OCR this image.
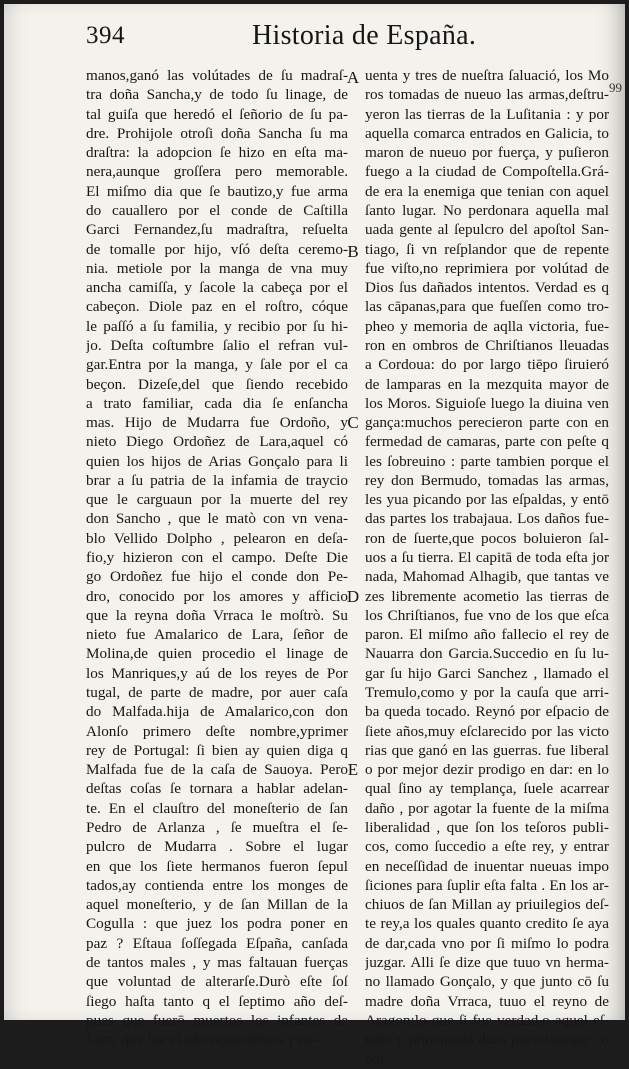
394	Historia de España.
manos,ganó las volútades de ſu madraſ-
tra doña Sancha,y de todo ſu linage, de
tal guiſa que heredó el ſeñorio de ſu pa-
dre. Prohijole otroſi doña Sancha ſu ma
draſtra: la adopcion ſe hizo en eſta ma-
nera,aunque groſſera pero memorable.
El miſmo dia que ſe bautizo,y fue arma
do cauallero por el conde de Caſtilla
Garci Fernandez,ſu madraſtra, reſuelta
de tomalle por hijo, vſó deſta ceremo-
nia. metiole por la manga de vna muy
ancha camiſſa, y ſacole la cabeça por el
cabeçon. Diole paz en el roſtro, cóque
le paſſó a ſu familia, y recibio por ſu hi-
jo. Deſta coſtumbre ſalio el refran vul-
gar.Entra por la manga, y ſale por el ca
beçon. Dizeſe,del que ſiendo recebido
a trato familiar, cada dia ſe enſancha
mas. Hijo de Mudarra fue Ordoño, y
nieto Diego Ordoñez de Lara,aquel có
quien los hijos de Arias Gonçalo para li
brar a ſu patria de la infamia de traycio
que le carguaun por la muerte del rey
don Sancho , que le matò con vn vena-
blo Vellido Dolpho , pelearon en deſa-
fio,y hizieron con el campo. Deſte Die
go Ordoñez fue hijo el conde don Pe-
dro, conocido por los amores y afficio
que la reyna doña Vrraca le moſtrò. Su
nieto fue Amalarico de Lara, ſeñor de
Molina,de quien procedio el linage de
los Manriques,y aú de los reyes de Por
tugal, de parte de madre, por auer caſa
do Malfada.hija de Amalarico,con don
Alonſo primero deſte nombre,yprimer
rey de Portugal: ſi bien ay quien diga q
Malfada fue de la caſa de Sauoya. Pero
deſtas coſas ſe tornara a hablar adelan-
te. En el clauſtro del moneſterio de ſan
Pedro de Arlanza , ſe mueſtra el ſe-
pulcro de Mudarra . Sobre el lugar
en que los ſiete hermanos fueron ſepul
tados,ay contienda entre los monges de
aquel moneſterio, y de ſan Millan de la
Cogulla : que juez los podra poner en
paz ? Eſtaua ſoſſegada Eſpaña, canſada
de tantos males , y mas faltauan fuerças
que voluntad de alterarſe.Durò eſte ſoſ
ſiego haſta tanto q el ſeptimo año deſ-
pues que fuerō muertos los infantes de
Lara, que fue el año nouecientos y no-
uenta y tres de nueſtra ſaluació, los Mo
ros tomadas de nueuo las armas,deſtru-
yeron las tierras de la Luſitania : y por
aquella comarca entrados en Galicia, to
maron de nueuo por fuerça, y puſieron
fuego a la ciudad de Compoſtella.Grá-
de era la enemiga que tenian con aquel
ſanto lugar. No perdonara aquella mal
uada gente al ſepulcro del apoſtol San-
tiago, ſi vn reſplandor que de repente
fue viſto,no reprimiera por volútad de
Dios ſus dañados intentos. Verdad es q
las cāpanas,para que fueſſen como tro-
pheo y memoria de aqlla victoria, fue-
ron en ombros de Chriſtianos lleuadas
a Cordoua: do por largo tiēpo ſiruieró
de lamparas en la mezquita mayor de
los Moros. Siguioſe luego la diuina ven
gança:muchos perecieron parte con en
fermedad de camaras, parte con peſte q
les ſobreuino : parte tambien porque el
rey don Bermudo, tomadas las armas,
les yua picando por las eſpaldas, y entō
das partes los trabajaua. Los daños fue-
ron de ſuerte,que pocos boluieron ſal-
uos a ſu tierra. El capitā de toda eſta jor
nada, Mahomad Alhagib, que tantas ve
zes libremente acometio las tierras de
los Chriſtianos, fue vno de los que eſca
paron. El miſmo año fallecio el rey de
Nauarra don Garcia.Succedio en ſu lu-
gar ſu hijo Garci Sanchez , llamado el
Tremulo,como y por la cauſa que arri-
ba queda tocado. Reynó por eſpacio de
ſiete años,muy eſclarecido por las victo
rias que ganó en las guerras. fue liberal
o por mejor dezir prodigo en dar: en lo
qual ſino ay templança, ſuele acarrear
daño , por agotar la fuente de la miſma
liberalidad , que ſon los teſoros publi-
cos, como ſuccedio a eſte rey, y entrar
en neceſſidad de inuentar nueuas impo
ſiciones para ſuplir eſta falta . En los ar-
chiuos de ſan Millan ay priuilegios deſ-
te rey,a los quales quanto credito ſe aya
de dar,cada vno por ſi miſmo lo podra
juzgar. Alli ſe dize que tuuo vn herma-
no llamado Gonçalo, y que junto cō ſu
madre doña Vrraca, tuuo el reyno de
Aragon:lo que ſi fue verdad,o aquel eſ-
tado y principado durò poco tiempo , o
por
A
B
C
D
E
99
